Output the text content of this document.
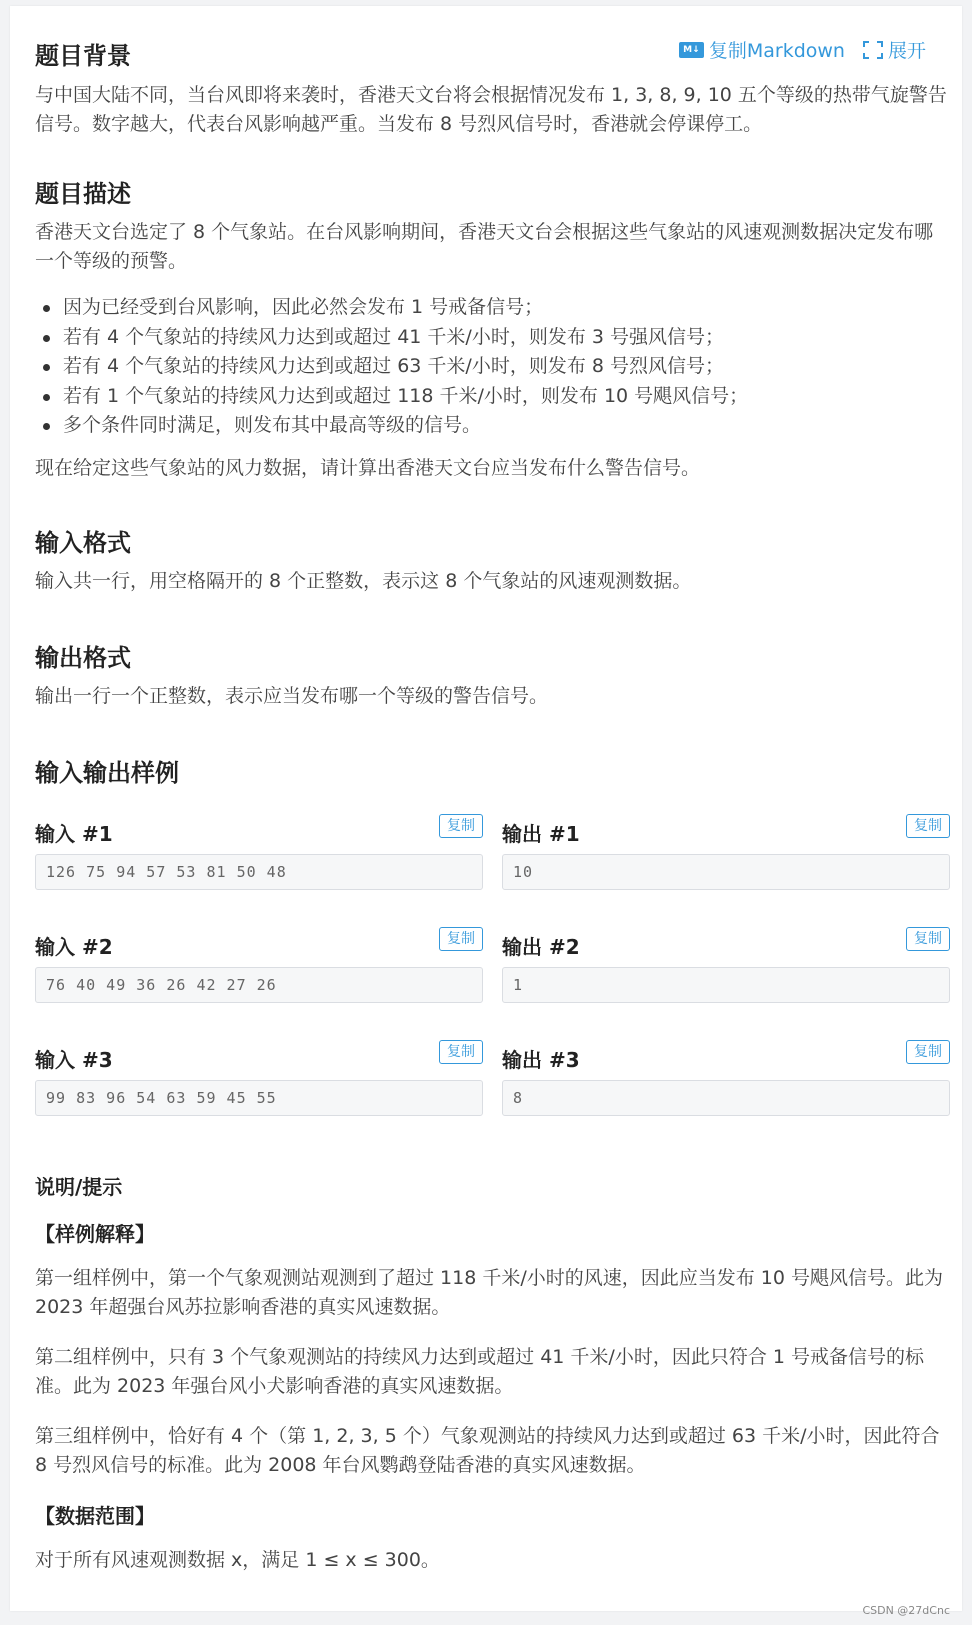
M↓ 复制Markdown 展开
题目背景

与中国大陆不同，当台风即将来袭时，香港天文台将会根据情况发布 1, 3, 8, 9, 10 五个等级的热带气旋警告信号。数字越大，代表台风影响越严重。当发布 8 号烈风信号时，香港就会停课停工。

题目描述

香港天文台选定了 8 个气象站。在台风影响期间，香港天文台会根据这些气象站的风速观测数据决定发布哪一个等级的预警。

因为已经受到台风影响，因此必然会发布 1 号戒备信号；
若有 4 个气象站的持续风力达到或超过 41 千米/小时，则发布 3 号强风信号；
若有 4 个气象站的持续风力达到或超过 63 千米/小时，则发布 8 号烈风信号；
若有 1 个气象站的持续风力达到或超过 118 千米/小时，则发布 10 号飓风信号；
多个条件同时满足，则发布其中最高等级的信号。

现在给定这些气象站的风力数据，请计算出香港天文台应当发布什么警告信号。

输入格式

输入共一行，用空格隔开的 8 个正整数，表示这 8 个气象站的风速观测数据。

输出格式

输出一行一个正整数，表示应当发布哪一个等级的警告信号。

输入输出样例
输入 #1	复制
126 75 94 57 53 81 50 48
输出 #1	复制
10
输入 #2	复制
76 40 49 36 26 42 27 26
输出 #2	复制
1
输入 #3	复制
99 83 96 54 63 59 45 55
输出 #3	复制
8
说明/提示
【样例解释】

第一组样例中，第一个气象观测站观测到了超过 118 千米/小时的风速，因此应当发布 10 号飓风信号。此为 2023 年超强台风苏拉影响香港的真实风速数据。

第二组样例中，只有 3 个气象观测站的持续风力达到或超过 41 千米/小时，因此只符合 1 号戒备信号的标准。此为 2023 年强台风小犬影响香港的真实风速数据。

第三组样例中，恰好有 4 个（第 1, 2, 3, 5 个）气象观测站的持续风力达到或超过 63 千米/小时，因此符合 8 号烈风信号的标准。此为 2008 年台风鹦鹉登陆香港的真实风速数据。

【数据范围】

对于所有风速观测数据 x，满足 1 ≤ x ≤ 300。

CSDN @27dCnc
